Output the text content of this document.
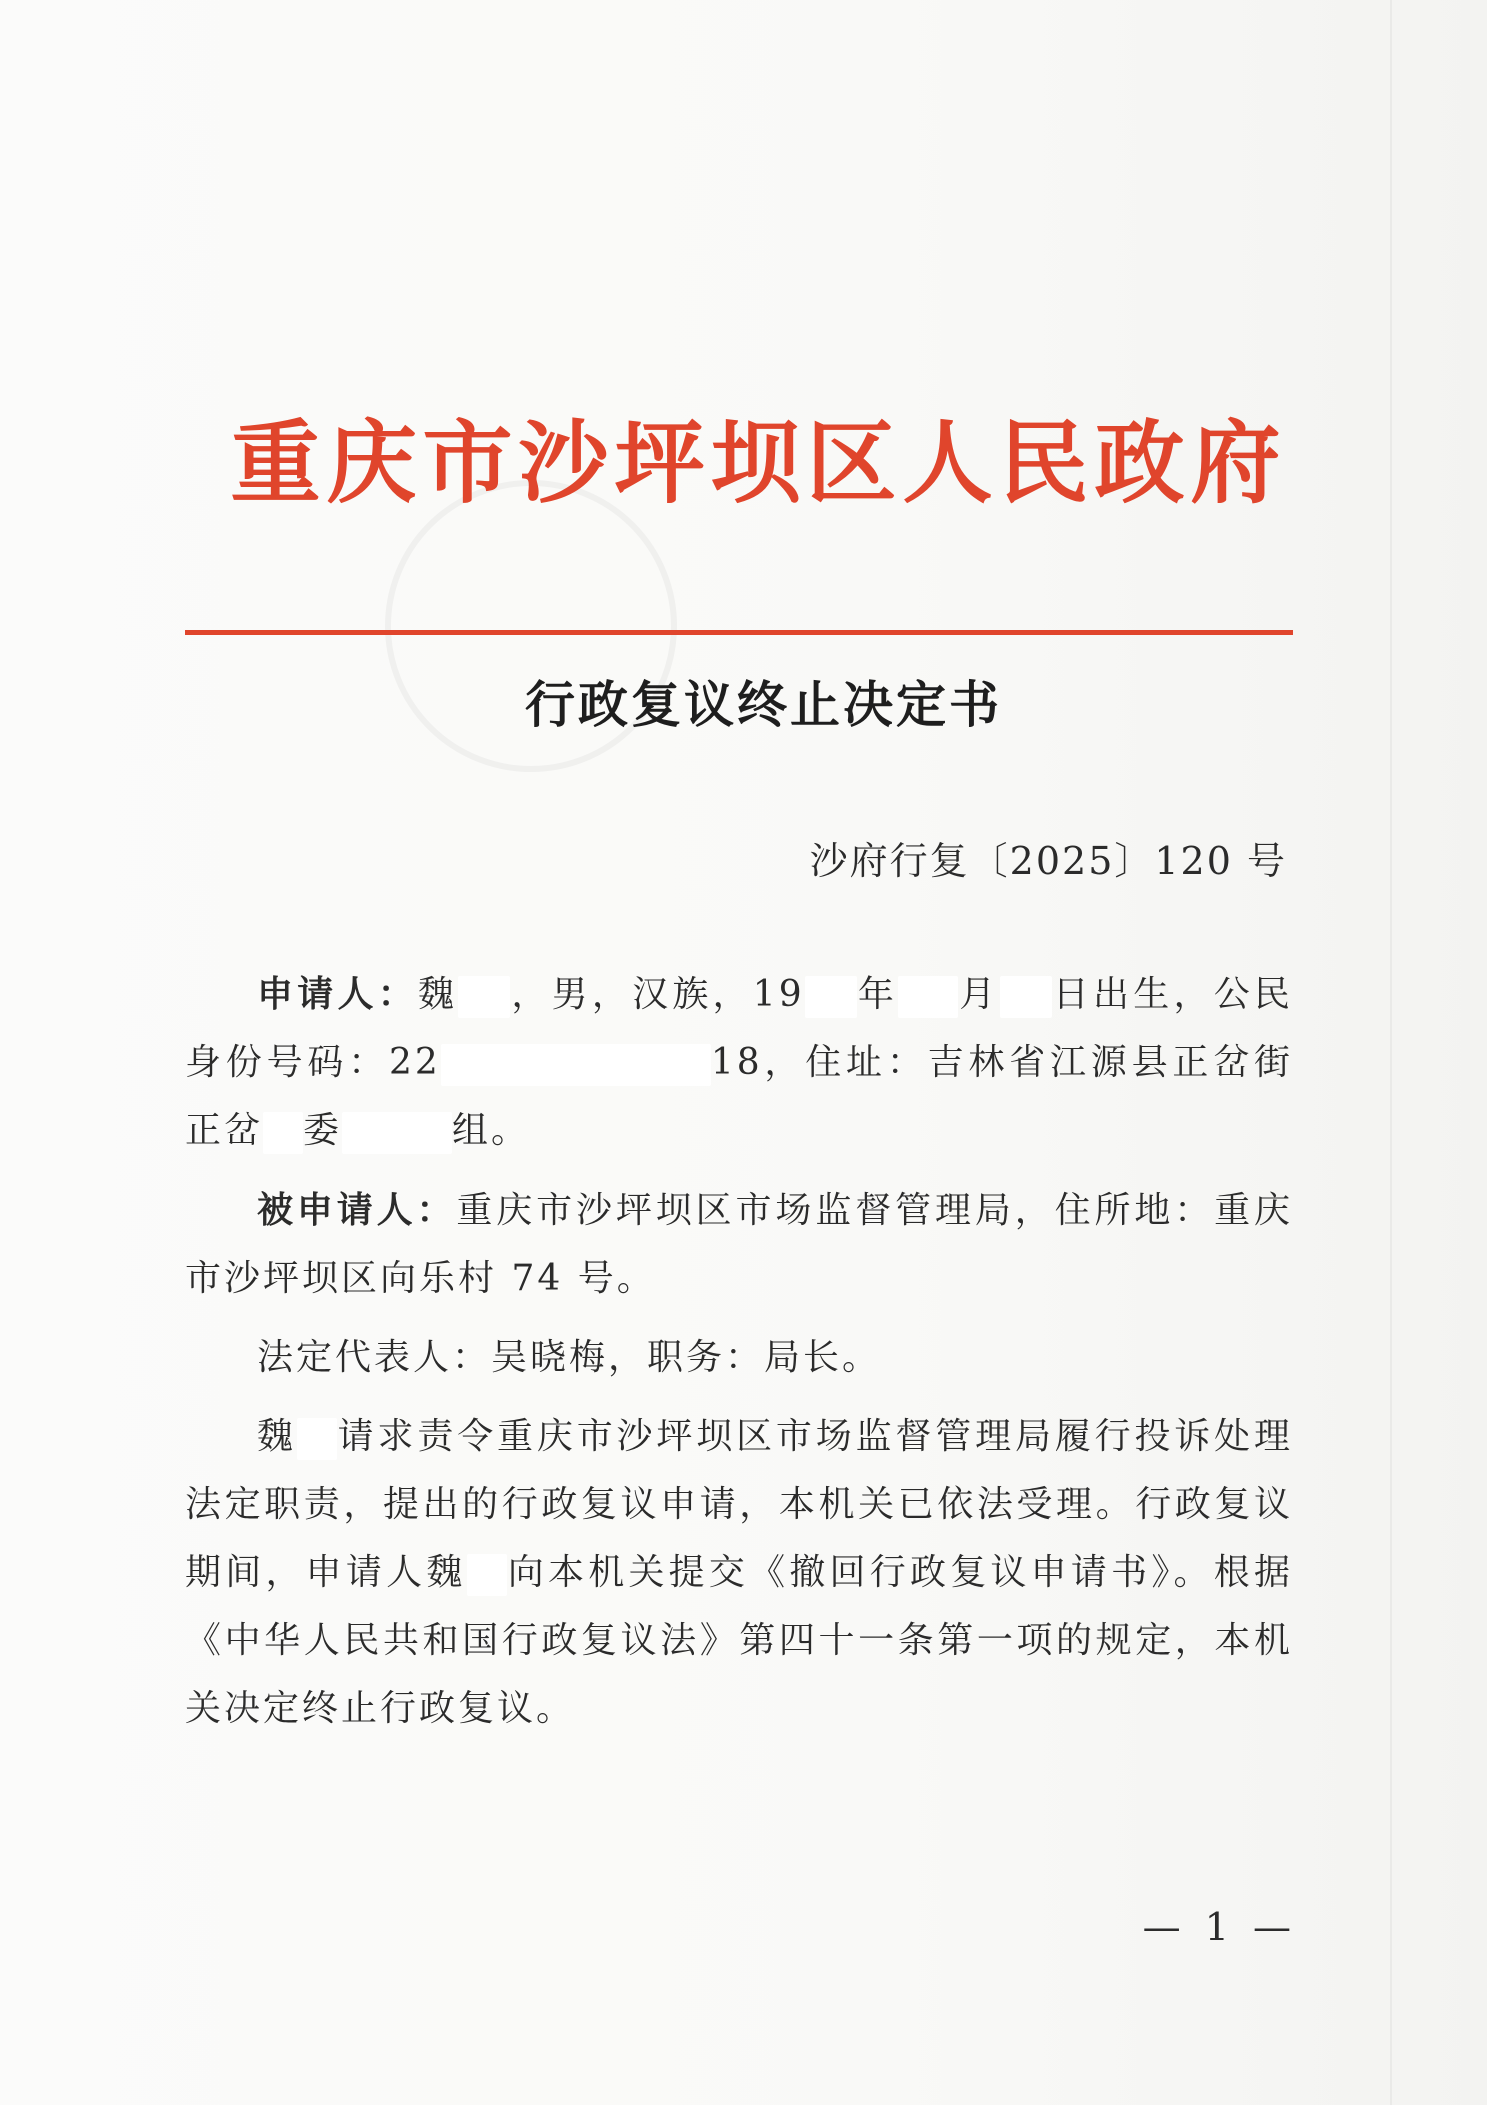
重庆市沙坪坝区人民政府
行政复议终止决定书
沙府行复〔2025〕120 号

申请人：魏 ，男，汉族，19 年 月 日出生，公民身份号码：22	18，住址：吉林省江源县正岔街正岔 委	组。

被申请人：重庆市沙坪坝区市场监督管理局，住所地：重庆市沙坪坝区向乐村 74 号。

法定代表人：吴晓梅，职务：局长。

魏 请求责令重庆市沙坪坝区市场监督管理局履行投诉处理法定职责，提出的行政复议申请，本机关已依法受理。行政复议期间，申请人魏 向本机关提交《撤回行政复议申请书》。根据《中华人民共和国行政复议法》第四十一条第一项的规定，本机关决定终止行政复议。

— 1 —
